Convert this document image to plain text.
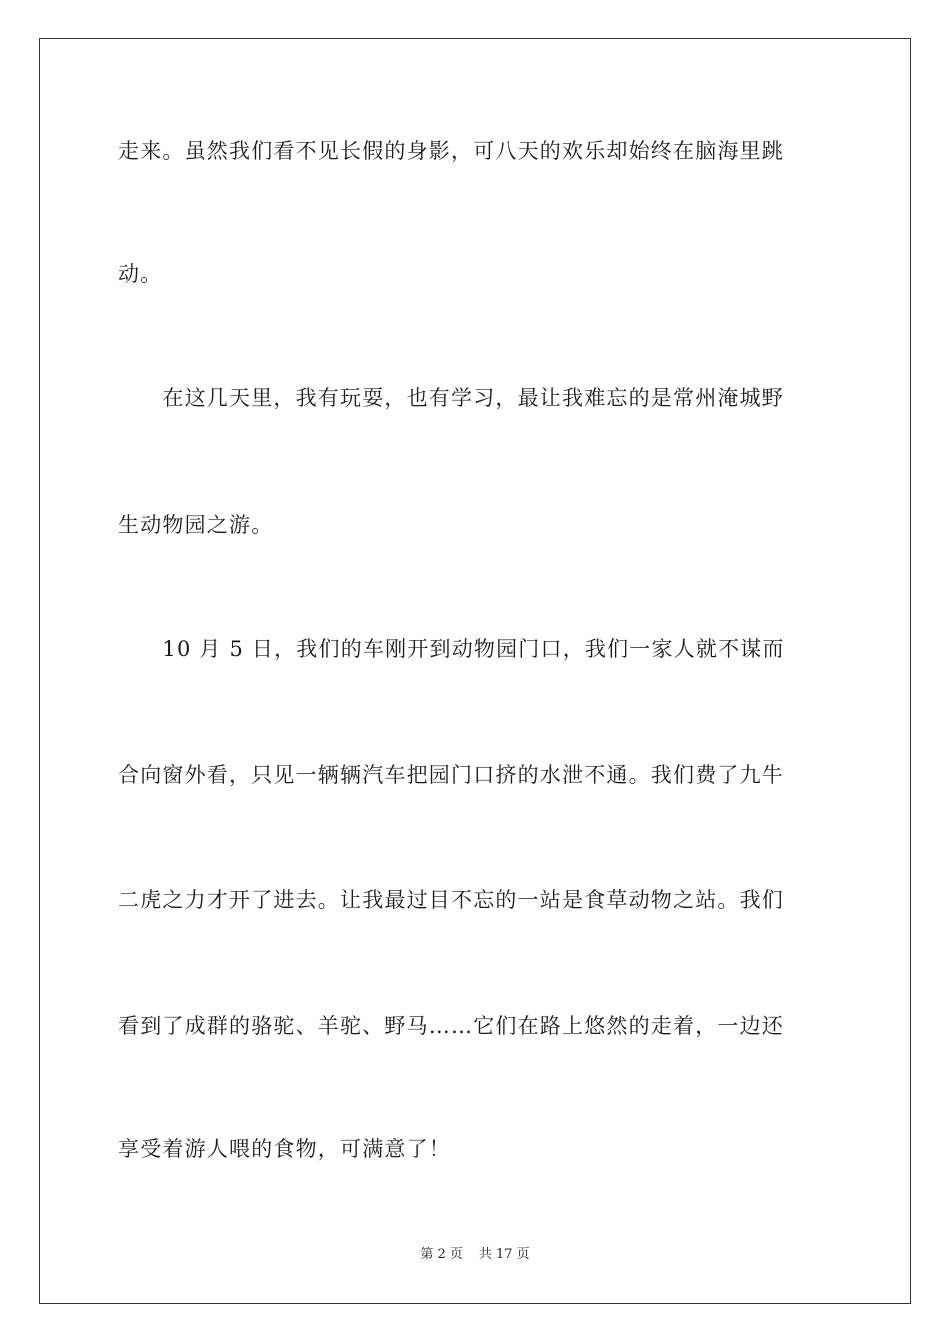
走来。虽然我们看不见长假的身影，可八天的欢乐却始终在脑海里跳
动。
　　在这几天里，我有玩耍，也有学习，最让我难忘的是常州淹城野
生动物园之游。
　　10 月 5 日，我们的车刚开到动物园门口，我们一家人就不谋而
合向窗外看，只见一辆辆汽车把园门口挤的水泄不通。我们费了九牛
二虎之力才开了进去。让我最过目不忘的一站是食草动物之站。我们
看到了成群的骆驼、羊驼、野马……它们在路上悠然的走着，一边还
享受着游人喂的食物，可满意了！
第 2 页 共 17 页
